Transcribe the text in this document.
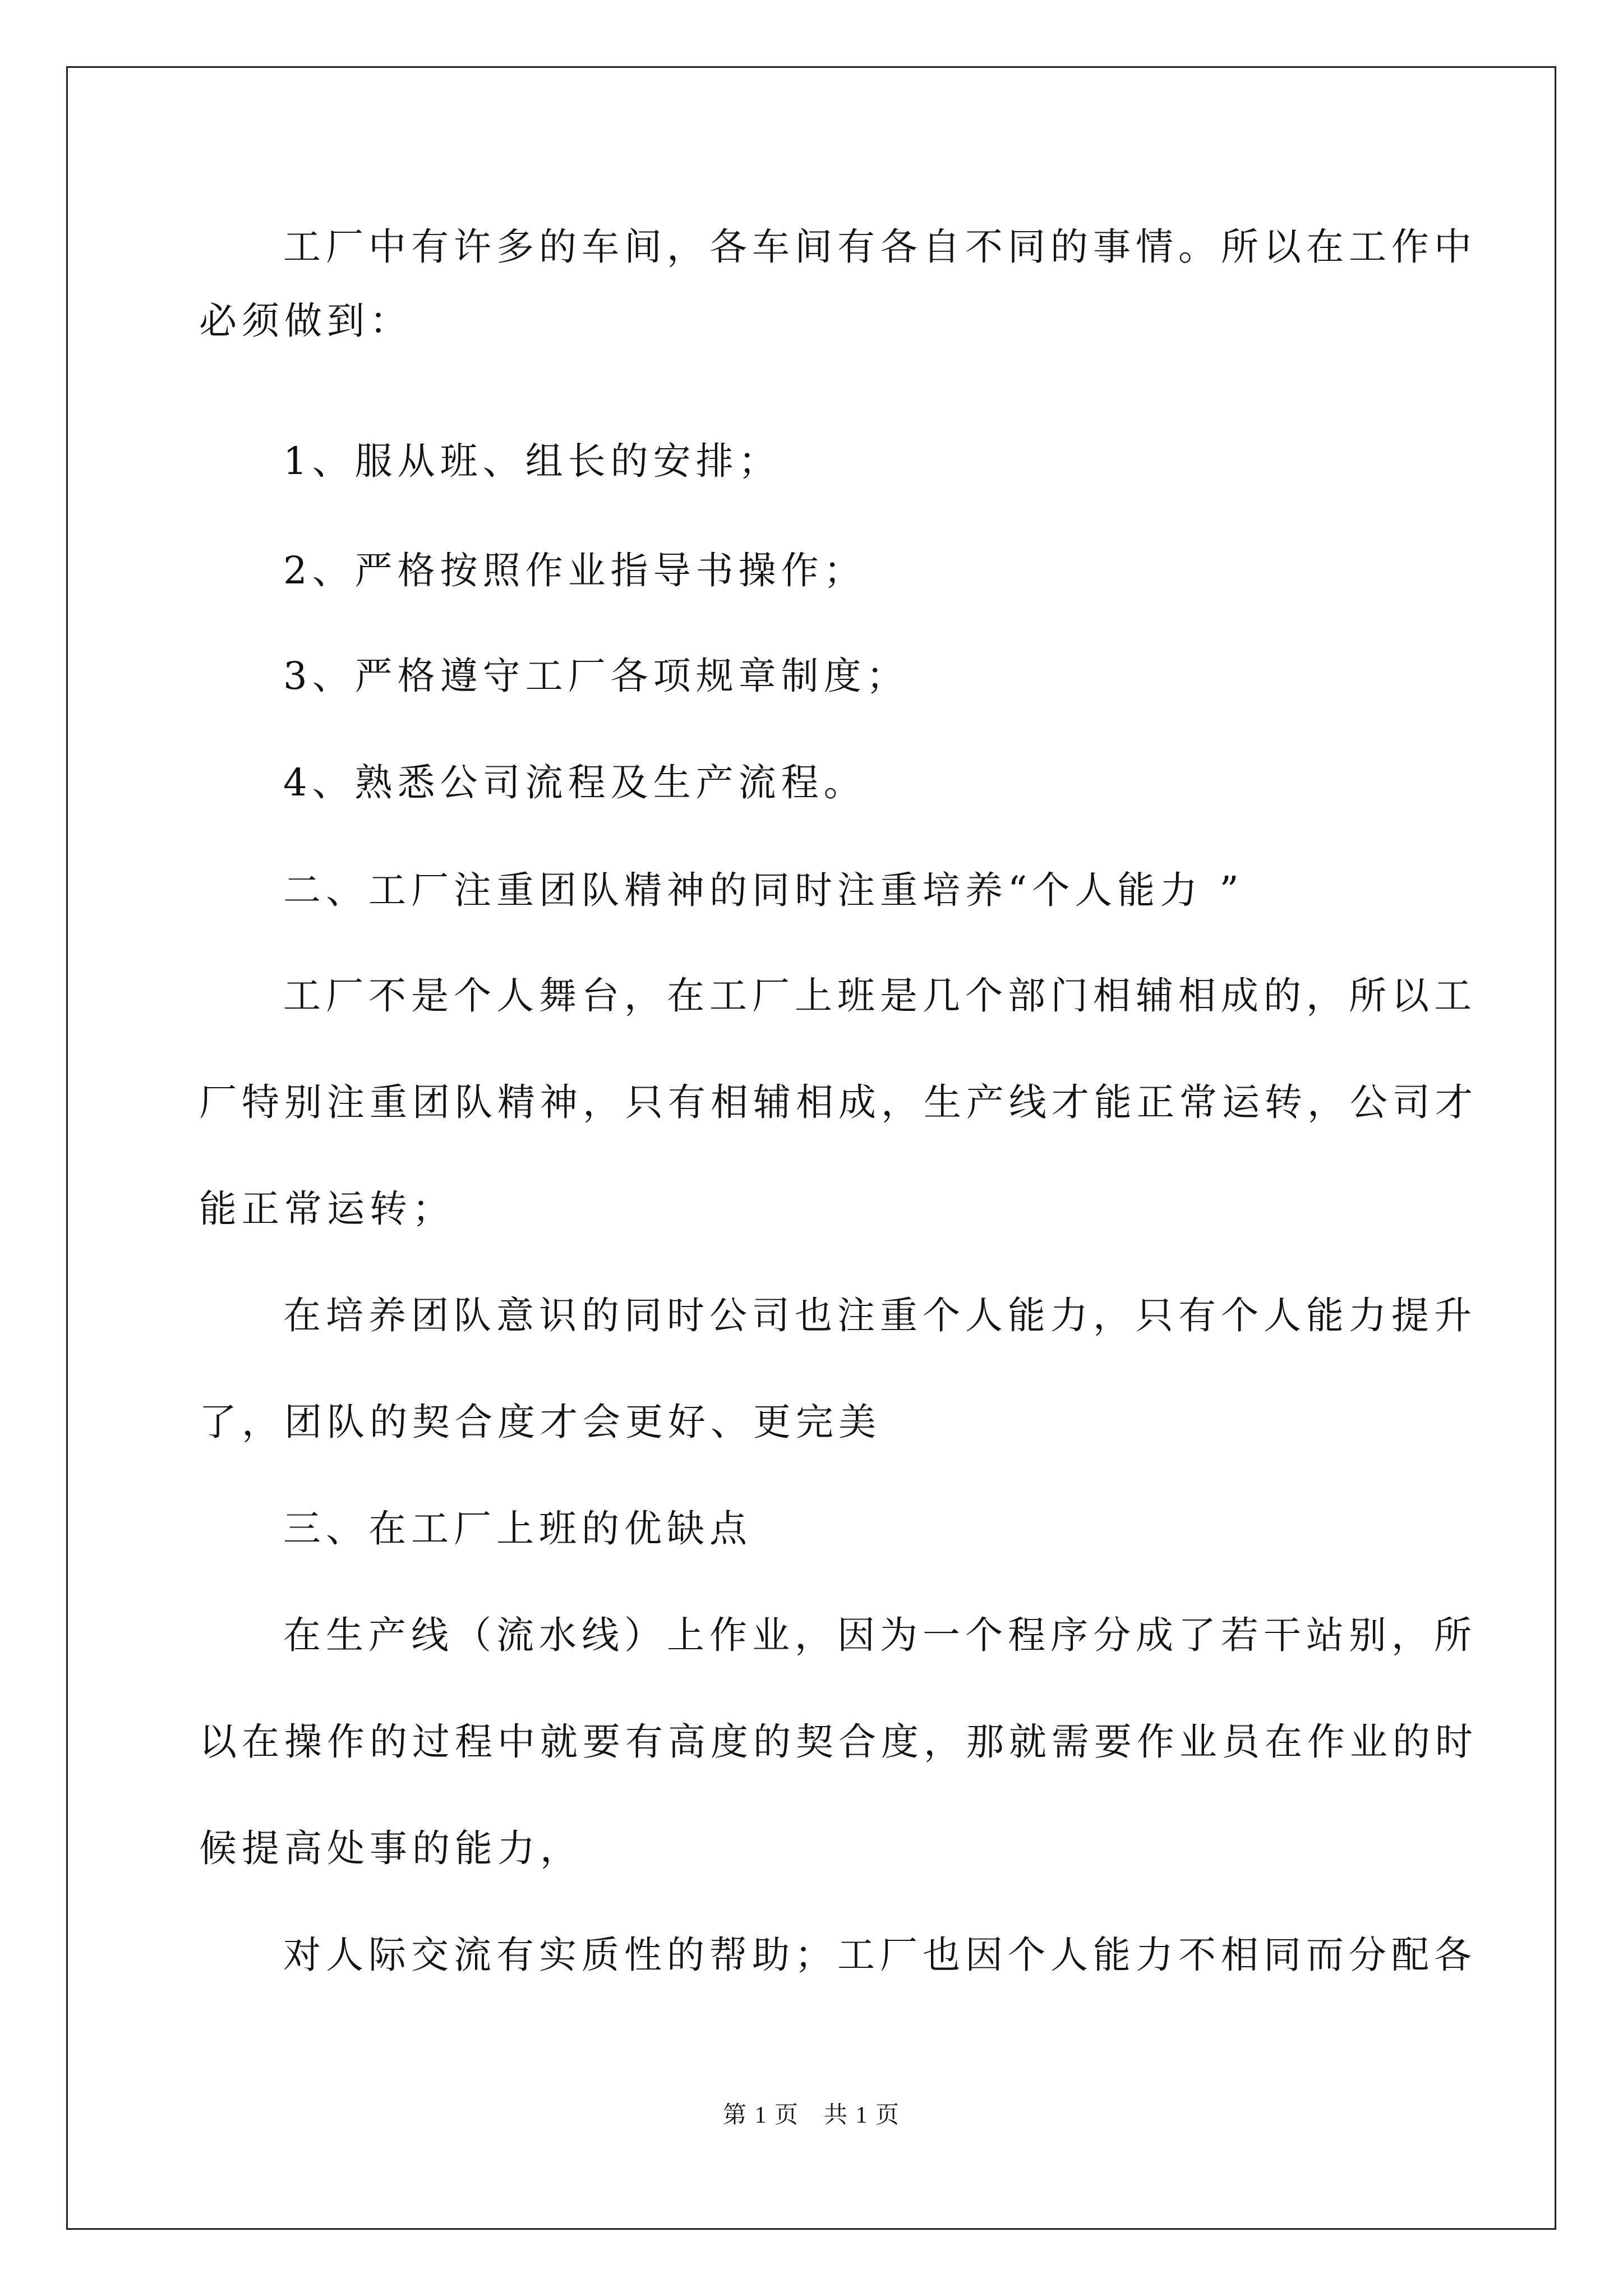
工厂中有许多的车间，各车间有各自不同的事情。所以在工作中

必须做到：

1、服从班、组长的安排；

2、严格按照作业指导书操作；

3、严格遵守工厂各项规章制度；

4、熟悉公司流程及生产流程。

二、工厂注重团队精神的同时注重培养“个人能力 ”

工厂不是个人舞台，在工厂上班是几个部门相辅相成的，所以工

厂特别注重团队精神，只有相辅相成，生产线才能正常运转，公司才

能正常运转；

在培养团队意识的同时公司也注重个人能力，只有个人能力提升

了，团队的契合度才会更好、更完美

三、在工厂上班的优缺点

在生产线（流水线）上作业，因为一个程序分成了若干站别，所

以在操作的过程中就要有高度的契合度，那就需要作业员在作业的时

候提高处事的能力，

对人际交流有实质性的帮助；工厂也因个人能力不相同而分配各

第 1 页　共 1 页
